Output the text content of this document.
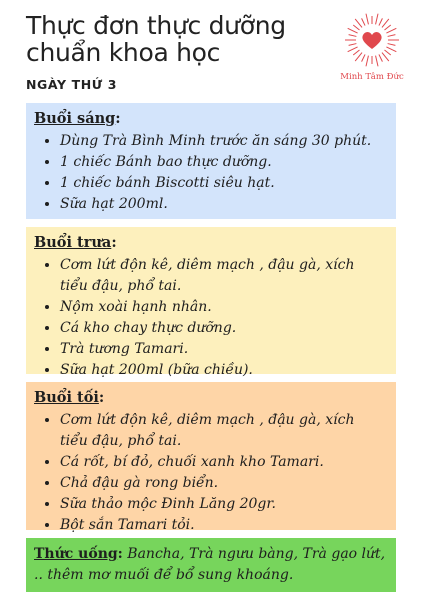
Thực đơn thực dưỡng chuẩn khoa học
NGÀY THỨ 3	Minh Tâm Đức
Buổi sáng:
• Dùng Trà Bình Minh trước ăn sáng 30 phút.
• 1 chiếc Bánh bao thực dưỡng.
• 1 chiếc bánh Biscotti siêu hạt.
• Sữa hạt 200ml.
Buổi trưa:
• Cơm lứt độn kê, diêm mạch , đậu gà, xích tiểu đậu, phổ tai.
• Nộm xoài hạnh nhân.
• Cá kho chay thực dưỡng.
• Trà tương Tamari.
• Sữa hạt 200ml (bữa chiều).
Buổi tối:
• Cơm lứt độn kê, diêm mạch , đậu gà, xích tiểu đậu, phổ tai.
• Cá rốt, bí đỏ, chuối xanh kho Tamari.
• Chả đậu gà rong biển.
• Sữa thảo mộc Đinh Lăng 20gr.
• Bột sắn Tamari tỏi.
Thức uống: Bancha, Trà ngưu bàng, Trà gạo lứt, .. thêm mơ muối để bổ sung khoáng.
